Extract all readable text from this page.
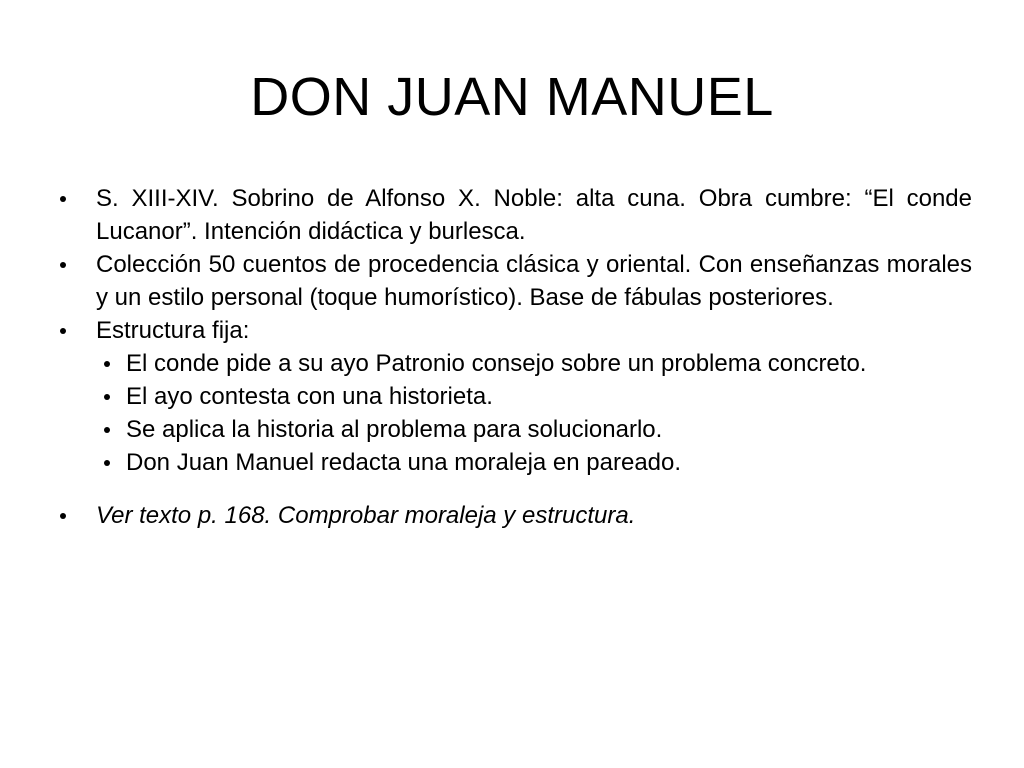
DON JUAN MANUEL
S. XIII-XIV. Sobrino de Alfonso X. Noble: alta cuna. Obra cumbre: “El conde Lucanor”. Intención didáctica y burlesca.
Colección 50 cuentos de procedencia clásica y oriental. Con enseñanzas morales y un estilo personal (toque humorístico). Base de fábulas posteriores.
Estructura fija:
El conde pide a su ayo Patronio consejo sobre un problema concreto.
El ayo contesta con una historieta.
Se aplica la historia al problema para solucionarlo.
Don Juan Manuel redacta una moraleja en pareado.
Ver texto p. 168. Comprobar moraleja y estructura.
